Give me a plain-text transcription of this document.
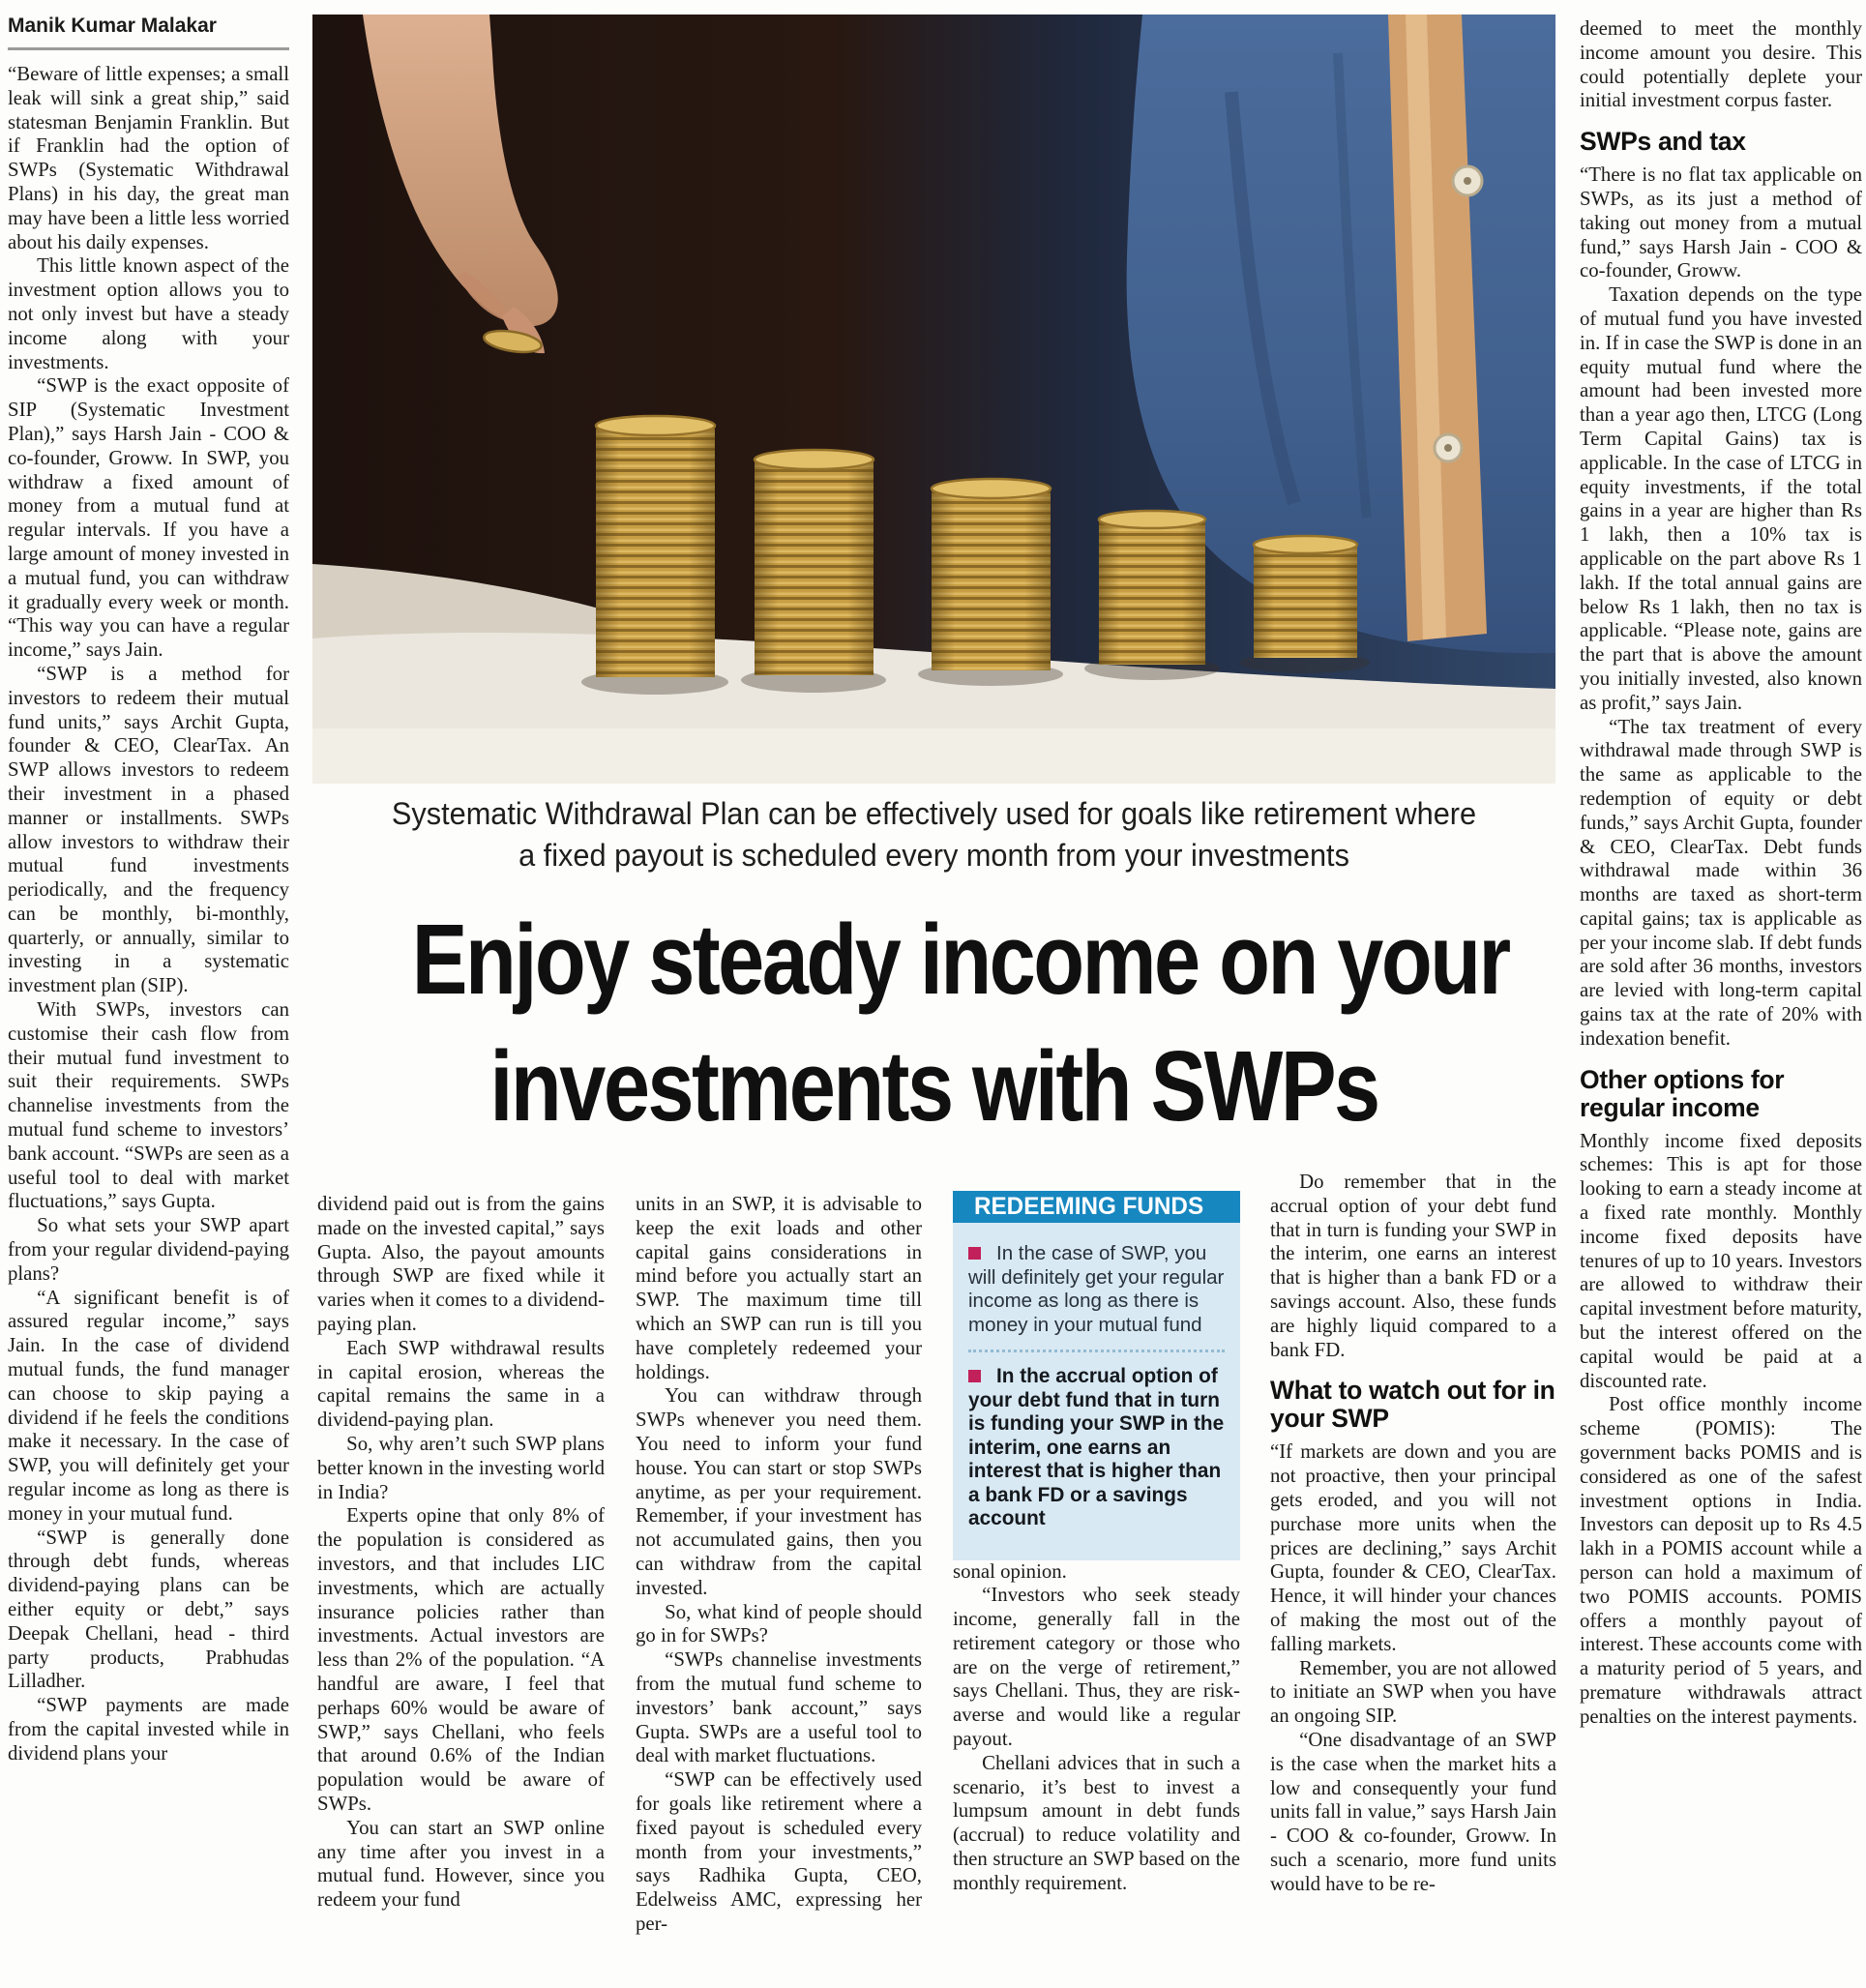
Manik Kumar Malakar

“Beware of little expenses; a small leak will sink a great ship,” said statesman Benjamin Franklin. But if Franklin had the option of SWPs (Systematic Withdrawal Plans) in his day, the great man may have been a little less worried about his daily expenses.

This little known aspect of the investment option allows you to not only invest but have a steady income along with your investments.

“SWP is the exact opposite of SIP (Systematic Investment Plan),” says Harsh Jain - COO & co-founder, Groww. In SWP, you withdraw a fixed amount of money from a mutual fund at regular intervals. If you have a large amount of money invested in a mutual fund, you can withdraw it gradually every week or month. “This way you can have a regular income,” says Jain.

“SWP is a method for investors to redeem their mutual fund units,” says Archit Gupta, founder & CEO, ClearTax. An SWP allows investors to redeem their investment in a phased manner or installments. SWPs allow investors to withdraw their mutual fund investments periodically, and the frequency can be monthly, bi-monthly, quarterly, or annually, similar to investing in a systematic investment plan (SIP).

With SWPs, investors can customise their cash flow from their mutual fund investment to suit their requirements. SWPs channelise investments from the mutual fund scheme to investors’ bank account. “SWPs are seen as a useful tool to deal with market fluctuations,” says Gupta.

So what sets your SWP apart from your regular dividend-paying plans?

“A significant benefit is of assured regular income,” says Jain. In the case of dividend mutual funds, the fund manager can choose to skip paying a dividend if he feels the conditions make it necessary. In the case of SWP, you will definitely get your regular income as long as there is money in your mutual fund.

“SWP is generally done through debt funds, whereas dividend-paying plans can be either equity or debt,” says Deepak Chellani, head - third party products, Prabhudas Lilladher.

“SWP payments are made from the capital invested while in dividend plans your

Systematic Withdrawal Plan can be effectively used for goals like retirement where
a fixed payout is scheduled every month from your investments
Enjoy steady income on your
investments with SWPs

dividend paid out is from the gains made on the invested capital,” says Gupta. Also, the payout amounts through SWP are fixed while it varies when it comes to a dividend-paying plan.

Each SWP withdrawal results in capital erosion, whereas the capital remains the same in a dividend-paying plan.

So, why aren’t such SWP plans better known in the investing world in India?

Experts opine that only 8% of the population is considered as investors, and that includes LIC investments, which are actually insurance policies rather than investments. Actual investors are less than 2% of the population. “A handful are aware, I feel that perhaps 60% would be aware of SWP,” says Chellani, who feels that around 0.6% of the Indian population would be aware of SWPs.

You can start an SWP online any time after you invest in a mutual fund. However, since you redeem your fund

units in an SWP, it is advisable to keep the exit loads and other capital gains considerations in mind before you actually start an SWP. The maximum time till which an SWP can run is till you have completely redeemed your holdings.

You can withdraw through SWPs whenever you need them. You need to inform your fund house. You can start or stop SWPs anytime, as per your requirement. Remember, if your investment has not accumulated gains, then you can withdraw from the capital invested.

So, what kind of people should go in for SWPs?

“SWPs channelise investments from the mutual fund scheme to investors’ bank account,” says Gupta. SWPs are a useful tool to deal with market fluctuations.

“SWP can be effectively used for goals like retirement where a fixed payout is scheduled every month from your investments,” says Radhika Gupta, CEO, Edelweiss AMC, expressing her per-

REDEEMING FUNDS
In the case of SWP, you will definitely get your regular income as long as there is money in your mutual fund
In the accrual option of your debt fund that in turn is funding your SWP in the interim, one earns an interest that is higher than a bank FD or a savings account

sonal opinion.

“Investors who seek steady income, generally fall in the retirement category or those who are on the verge of retirement,” says Chellani. Thus, they are risk-averse and would like a regular payout.

Chellani advices that in such a scenario, it’s best to invest a lumpsum amount in debt funds (accrual) to reduce volatility and then structure an SWP based on the monthly requirement.

Do remember that in the accrual option of your debt fund that in turn is funding your SWP in the interim, one earns an interest that is higher than a bank FD or a savings account. Also, these funds are highly liquid compared to a bank FD.

What to watch out for in your SWP

“If markets are down and you are not proactive, then your principal gets eroded, and you will not purchase more units when the prices are declining,” says Archit Gupta, founder & CEO, ClearTax. Hence, it will hinder your chances of making the most out of the falling markets.

Remember, you are not allowed to initiate an SWP when you have an ongoing SIP.

“One disadvantage of an SWP is the case when the market hits a low and consequently your fund units fall in value,” says Harsh Jain - COO & co-founder, Groww. In such a scenario, more fund units would have to be re-

deemed to meet the monthly income amount you desire. This could potentially deplete your initial investment corpus faster.

SWPs and tax

“There is no flat tax applicable on SWPs, as its just a method of taking out money from a mutual fund,” says Harsh Jain - COO & co-founder, Groww.

Taxation depends on the type of mutual fund you have invested in. If in case the SWP is done in an equity mutual fund where the amount had been invested more than a year ago then, LTCG (Long Term Capital Gains) tax is applicable. In the case of LTCG in equity investments, if the total gains in a year are higher than Rs 1 lakh, then a 10% tax is applicable on the part above Rs 1 lakh. If the total annual gains are below Rs 1 lakh, then no tax is applicable. “Please note, gains are the part that is above the amount you initially invested, also known as profit,” says Jain.

“The tax treatment of every withdrawal made through SWP is the same as applicable to the redemption of equity or debt funds,” says Archit Gupta, founder & CEO, ClearTax. Debt funds withdrawal made within 36 months are taxed as short-term capital gains; tax is applicable as per your income slab. If debt funds are sold after 36 months, investors are levied with long-term capital gains tax at the rate of 20% with indexation benefit.

Other options for regular income

Monthly income fixed deposits schemes: This is apt for those looking to earn a steady income at a fixed rate monthly. Monthly income fixed deposits have tenures of up to 10 years. Investors are allowed to withdraw their capital investment before maturity, but the interest offered on the capital would be paid at a discounted rate.

Post office monthly income scheme (POMIS): The government backs POMIS and is considered as one of the safest investment options in India. Investors can deposit up to Rs 4.5 lakh in a POMIS account while a person can hold a maximum of two POMIS accounts. POMIS offers a monthly payout of interest. These accounts come with a maturity period of 5 years, and premature withdrawals attract penalties on the interest payments.
